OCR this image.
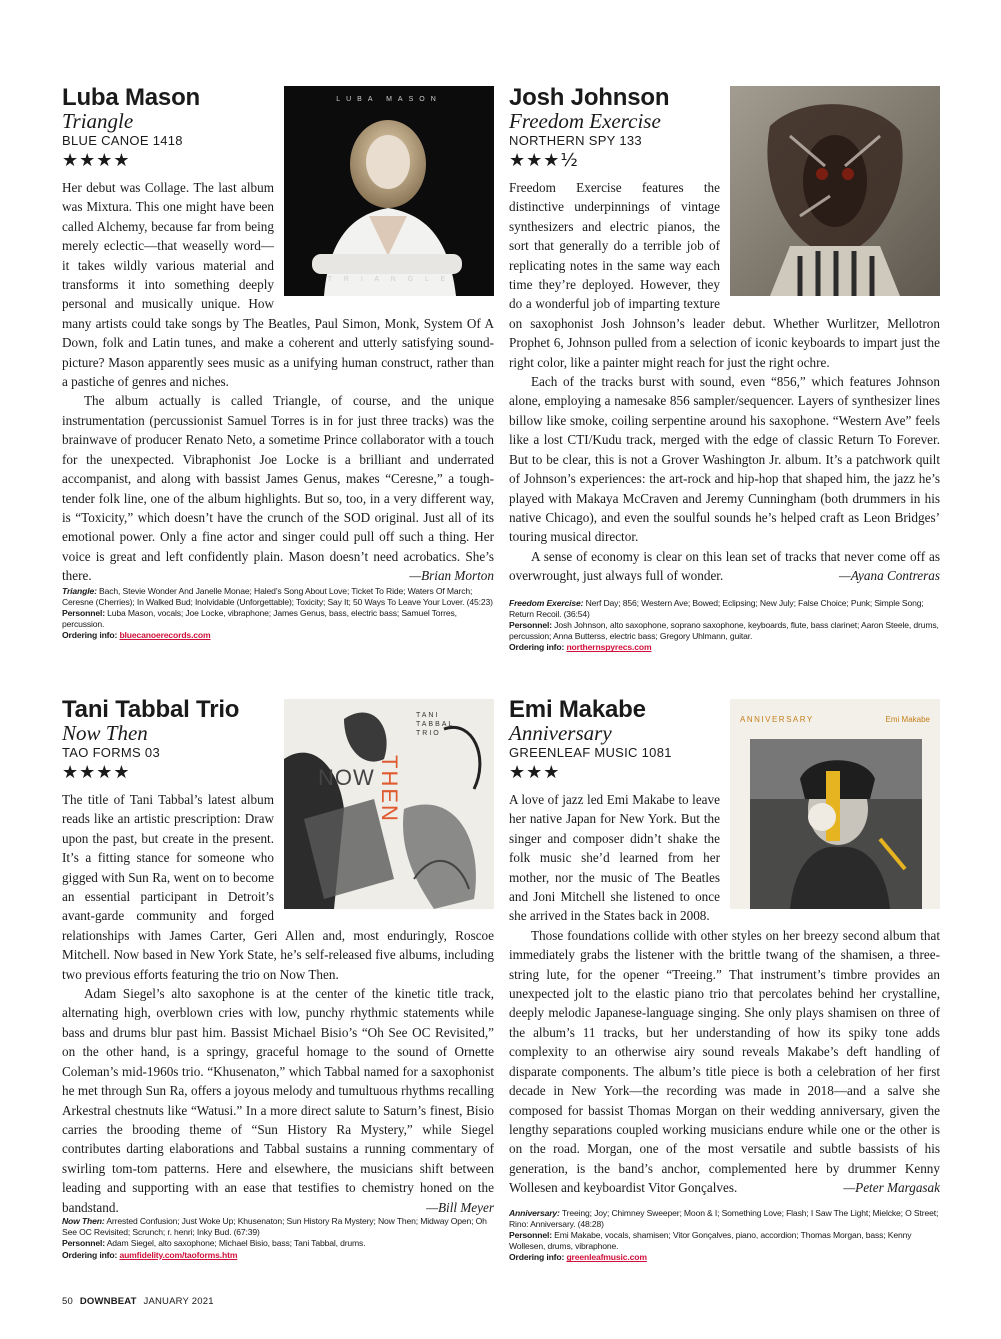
LUBA MASON
T R I A N G L E
Luba Mason
Triangle
BLUE CANOE 1418
★★★★

Her debut was Collage. The last album was Mixtura. This one might have been called Alchemy, because far from being merely eclectic—that weaselly word—it takes wildly various material and transforms it into something deeply personal and musically unique. How many artists could take songs by The Beatles, Paul Simon, Monk, System Of A Down, folk and Latin tunes, and make a coherent and utterly satisfying sound-picture? Mason apparently sees music as a unifying human construct, rather than a pastiche of genres and niches.

The album actually is called Triangle, of course, and the unique instrumentation (percussionist Samuel Torres is in for just three tracks) was the brainwave of producer Renato Neto, a sometime Prince collaborator with a touch for the unexpected. Vibraphonist Joe Locke is a brilliant and underrated accompanist, and along with bassist James Genus, makes “Ceresne,” a tough-tender folk line, one of the album highlights. But so, too, in a very different way, is “Toxicity,” which doesn’t have the crunch of the SOD original. Just all of its emotional power. Only a fine actor and singer could pull off such a thing. Her voice is great and left confidently plain. Mason doesn’t need acrobatics. She’s there.	—Brian Morton

Triangle: Bach, Stevie Wonder And Janelle Monae; Haled’s Song About Love; Ticket To Ride; Waters Of March; Ceresne (Cherries); In Walked Bud; Inolvidable (Unforgettable); Toxicity; Say It; 50 Ways To Leave Your Lover. (45:23)

Personnel: Luba Mason, vocals; Joe Locke, vibraphone; James Genus, bass, electric bass; Samuel Torres, percussion.

Ordering info: bluecanoerecords.com

Josh Johnson
Freedom Exercise
NORTHERN SPY 133
★★★½

Freedom Exercise features the distinctive underpinnings of vintage synthesizers and electric pianos, the sort that generally do a terrible job of replicating notes in the same way each time they’re deployed. However, they do a wonderful job of imparting texture on saxophonist Josh Johnson’s leader debut. Whether Wurlitzer, Mellotron Prophet 6, Johnson pulled from a selection of iconic keyboards to impart just the right color, like a painter might reach for just the right ochre.

Each of the tracks burst with sound, even “856,” which features Johnson alone, employing a namesake 856 sampler/sequencer. Layers of synthesizer lines billow like smoke, coiling serpentine around his saxophone. “Western Ave” feels like a lost CTI/Kudu track, merged with the edge of classic Return To Forever. But to be clear, this is not a Grover Washington Jr. album. It’s a patchwork quilt of Johnson’s experiences: the art-rock and hip-hop that shaped him, the jazz he’s played with Makaya McCraven and Jeremy Cunningham (both drummers in his native Chicago), and even the soulful sounds he’s helped craft as Leon Bridges’ touring musical director.

A sense of economy is clear on this lean set of tracks that never come off as overwrought, just always full of wonder.	—Ayana Contreras

Freedom Exercise: Nerf Day; 856; Western Ave; Bowed; Eclipsing; New July; False Choice; Punk; Simple Song; Return Recoil. (36:54)

Personnel: Josh Johnson, alto saxophone, soprano saxophone, keyboards, flute, bass clarinet; Aaron Steele, drums, percussion; Anna Butterss, electric bass; Gregory Uhlmann, guitar.

Ordering info: northernspyrecs.com

TANI TABBAL TRIO
NOW THEN
Tani Tabbal Trio
Now Then
TAO FORMS 03
★★★★

The title of Tani Tabbal’s latest album reads like an artistic prescription: Draw upon the past, but create in the present. It’s a fitting stance for someone who gigged with Sun Ra, went on to become an essential participant in Detroit’s avant-garde community and forged relationships with James Carter, Geri Allen and, most enduringly, Roscoe Mitchell. Now based in New York State, he’s self-released five albums, including two previous efforts featuring the trio on Now Then.

Adam Siegel’s alto saxophone is at the center of the kinetic title track, alternating high, overblown cries with low, punchy rhythmic statements while bass and drums blur past him. Bassist Michael Bisio’s “Oh See OC Revisited,” on the other hand, is a springy, graceful homage to the sound of Ornette Coleman’s mid-1960s trio. “Khusenaton,” which Tabbal named for a saxophonist he met through Sun Ra, offers a joyous melody and tumultuous rhythms recalling Arkestral chestnuts like “Watusi.” In a more direct salute to Saturn’s finest, Bisio carries the brooding theme of “Sun History Ra Mystery,” while Siegel contributes darting elaborations and Tabbal sustains a running commentary of swirling tom-tom patterns. Here and elsewhere, the musicians shift between leading and supporting with an ease that testifies to chemistry honed on the bandstand.	—Bill Meyer

Now Then: Arrested Confusion; Just Woke Up; Khusenaton; Sun History Ra Mystery; Now Then; Midway Open; Oh See OC Revisited; Scrunch; r. henri; Inky Bud. (67:39)

Personnel: Adam Siegel, alto saxophone; Michael Bisio, bass; Tani Tabbal, drums.

Ordering info: aumfidelity.com/taoforms.htm

ANNIVERSARY	Emi Makabe
Emi Makabe
Anniversary
GREENLEAF MUSIC 1081
★★★

A love of jazz led Emi Makabe to leave her native Japan for New York. But the singer and composer didn’t shake the folk music she’d learned from her mother, nor the music of The Beatles and Joni Mitchell she listened to once she arrived in the States back in 2008.

Those foundations collide with other styles on her breezy second album that immediately grabs the listener with the brittle twang of the shamisen, a three-string lute, for the opener “Treeing.” That instrument’s timbre provides an unexpected jolt to the elastic piano trio that percolates behind her crystalline, deeply melodic Japanese-language singing. She only plays shamisen on three of the album’s 11 tracks, but her understanding of how its spiky tone adds complexity to an otherwise airy sound reveals Makabe’s deft handling of disparate components. The album’s title piece is both a celebration of her first decade in New York—the recording was made in 2018—and a salve she composed for bassist Thomas Morgan on their wedding anniversary, given the lengthy separations coupled working musicians endure while one or the other is on the road. Morgan, one of the most versatile and subtle bassists of his generation, is the band’s anchor, complemented here by drummer Kenny Wollesen and keyboardist Vitor Gonçalves.	—Peter Margasak

Anniversary: Treeing; Joy; Chimney Sweeper; Moon & I; Something Love; Flash; I Saw The Light; Mielcke; O Street; Rino: Anniversary. (48:28)

Personnel: Emi Makabe, vocals, shamisen; Vitor Gonçalves, piano, accordion; Thomas Morgan, bass; Kenny Wollesen, drums, vibraphone.

Ordering info: greenleafmusic.com

50 DOWNBEAT JANUARY 2021
